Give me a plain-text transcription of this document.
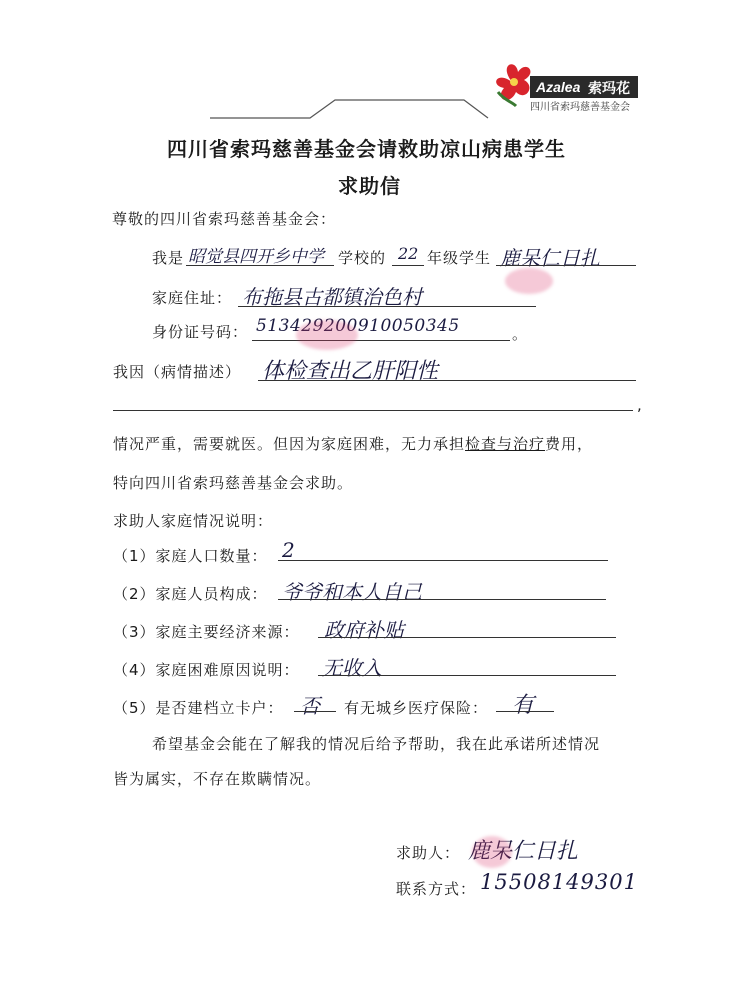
Azalea 索玛花
四川省索玛慈善基金会
四川省索玛慈善基金会请救助凉山病患学生
求助信
尊敬的四川省索玛慈善基金会：
我是 昭觉县四开乡中学 学校的 22 年级学生 鹿呆仁日扎
家庭住址： 布拖县古都镇治色村
身份证号码： 513429200910050345	。
我因（病情描述） 体检查出乙肝阳性
,
情况严重，需要就医。但因为家庭困难，无力承担检查与治疗费用，
特向四川省索玛慈善基金会求助。
求助人家庭情况说明：
（1）家庭人口数量： 2
（2）家庭人员构成： 爷爷和本人自己
（3）家庭主要经济来源： 政府补贴
（4）家庭困难原因说明： 无收入
（5）是否建档立卡户： 否 有无城乡医疗保险： 有
希望基金会能在了解我的情况后给予帮助，我在此承诺所述情况
皆为属实，不存在欺瞒情况。
求助人： 鹿呆仁日扎
联系方式： 15508149301
